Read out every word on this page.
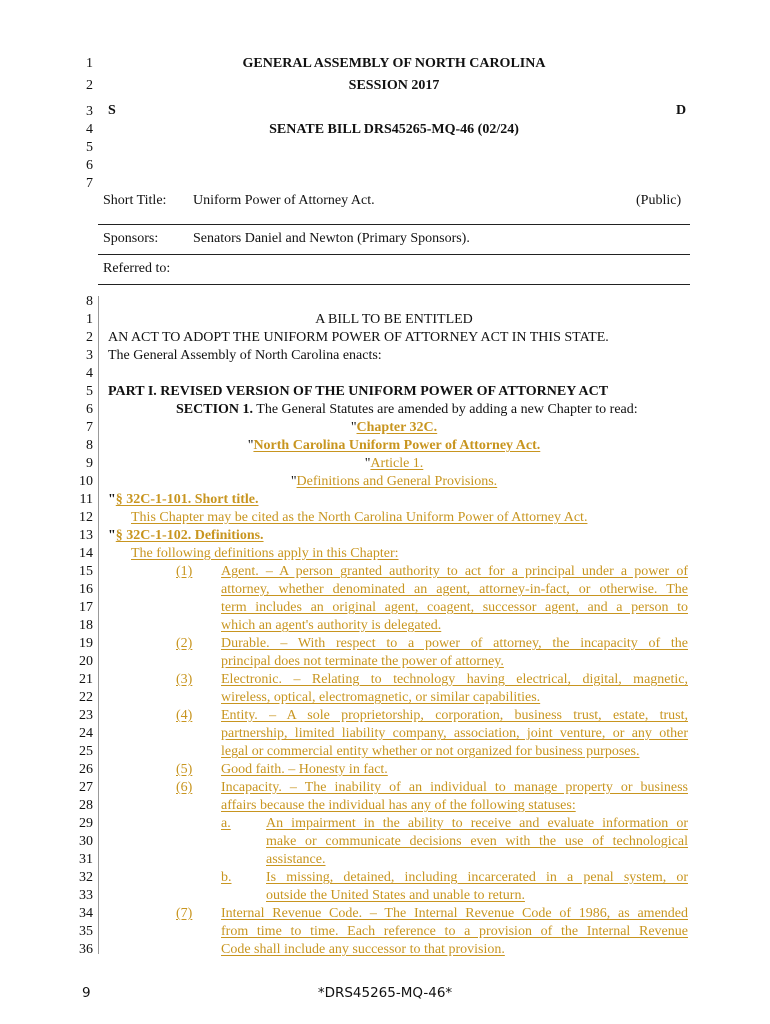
GENERAL ASSEMBLY OF NORTH CAROLINA
SESSION 2017
S	D
SENATE BILL DRS45265-MQ-46 (02/24)
1
2
3
4
5
6
7
Short Title: Uniform Power of Attorney Act.	(Public)
Sponsors: Senators Daniel and Newton (Primary Sponsors).
Referred to:
8
1
2
3
4
5
6
7
8
9
10
11
12
13
14
15
16
17
18
19
20
21
22
23
24
25
26
27
28
29
30
31
32
33
34
35
36
A BILL TO BE ENTITLED
AN ACT TO ADOPT THE UNIFORM POWER OF ATTORNEY ACT IN THIS STATE.
The General Assembly of North Carolina enacts:
PART I. REVISED VERSION OF THE UNIFORM POWER OF ATTORNEY ACT
SECTION 1. The General Statutes are amended by adding a new Chapter to read:
"Chapter 32C.
"North Carolina Uniform Power of Attorney Act.
"Article 1.
"Definitions and General Provisions.
"§ 32C-1-101. Short title.
This Chapter may be cited as the North Carolina Uniform Power of Attorney Act.
"§ 32C-1-102. Definitions.
The following definitions apply in this Chapter:
(1) Agent. – A person granted authority to act for a principal under a power of
attorney, whether denominated an agent, attorney-in-fact, or otherwise. The
term includes an original agent, coagent, successor agent, and a person to
which an agent's authority is delegated.
(2) Durable. – With respect to a power of attorney, the incapacity of the
principal does not terminate the power of attorney.
(3) Electronic. – Relating to technology having electrical, digital, magnetic,
wireless, optical, electromagnetic, or similar capabilities.
(4) Entity. – A sole proprietorship, corporation, business trust, estate, trust,
partnership, limited liability company, association, joint venture, or any other
legal or commercial entity whether or not organized for business purposes.
(5) Good faith. – Honesty in fact.
(6) Incapacity. – The inability of an individual to manage property or business
affairs because the individual has any of the following statuses:
a.	An impairment in the ability to receive and evaluate information or
make or communicate decisions even with the use of technological
assistance.
b. Is missing, detained, including incarcerated in a penal system, or
outside the United States and unable to return.
(7) Internal Revenue Code. – The Internal Revenue Code of 1986, as amended
from time to time. Each reference to a provision of the Internal Revenue
Code shall include any successor to that provision.
9	*DRS45265-MQ-46*
